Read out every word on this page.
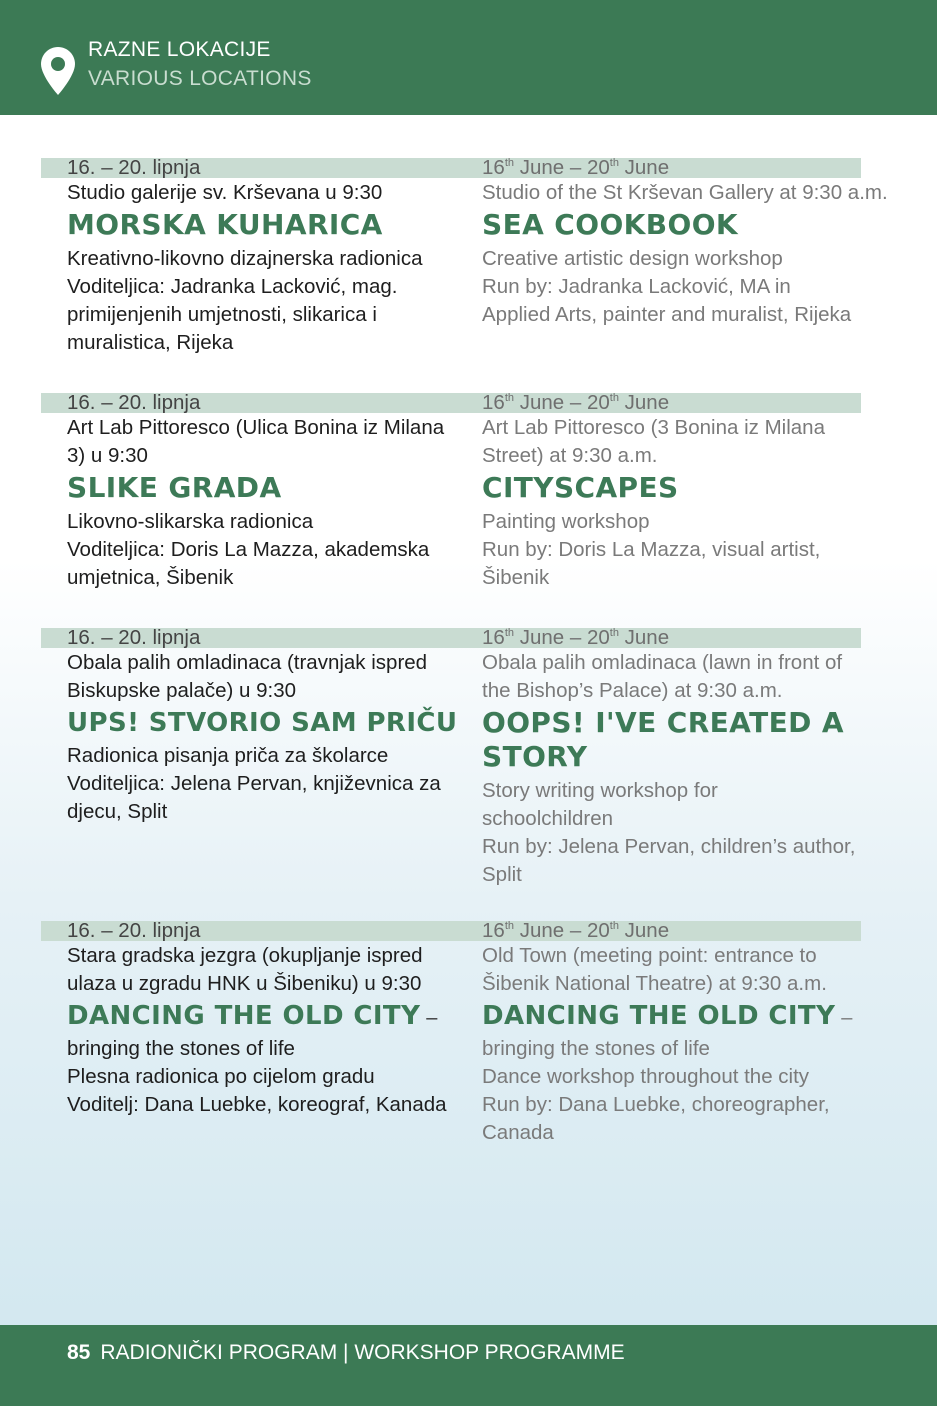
RAZNE LOKACIJE
VARIOUS LOCATIONS
16. – 20. lipnja
Studio galerije sv. Krševana u 9:30
MORSKA KUHARICA
Kreativno-likovno dizajnerska radionica
Voditeljica: Jadranka Lacković, mag.
primijenjenih umjetnosti, slikarica i
muralistica, Rijeka
16th June – 20th June
Studio of the St Krševan Gallery at 9:30 a.m.
SEA COOKBOOK
Creative artistic design workshop
Run by: Jadranka Lacković, MA in
Applied Arts, painter and muralist, Rijeka
16. – 20. lipnja
Art Lab Pittoresco (Ulica Bonina iz Milana
3) u 9:30
SLIKE GRADA
Likovno-slikarska radionica
Voditeljica: Doris La Mazza, akademska
umjetnica, Šibenik
16th June – 20th June
Art Lab Pittoresco (3 Bonina iz Milana
Street) at 9:30 a.m.
CITYSCAPES
Painting workshop
Run by: Doris La Mazza, visual artist,
Šibenik
16. – 20. lipnja
Obala palih omladinaca (travnjak ispred
Biskupske palače) u 9:30
UPS! STVORIO SAM PRIČU
Radionica pisanja priča za školarce
Voditeljica: Jelena Pervan, književnica za
djecu, Split
16th June – 20th June
Obala palih omladinaca (lawn in front of
the Bishop’s Palace) at 9:30 a.m.
OOPS! I'VE CREATED A
STORY
Story writing workshop for
schoolchildren
Run by: Jelena Pervan, children’s author,
Split
16. – 20. lipnja
Stara gradska jezgra (okupljanje ispred
ulaza u zgradu HNK u Šibeniku) u 9:30
DANCING THE OLD CITY –
bringing the stones of life
Plesna radionica po cijelom gradu
Voditelj: Dana Luebke, koreograf, Kanada
16th June – 20th June
Old Town (meeting point: entrance to
Šibenik National Theatre) at 9:30 a.m.
DANCING THE OLD CITY –
bringing the stones of life
Dance workshop throughout the city
Run by: Dana Luebke, choreographer,
Canada
85 RADIONIČKI PROGRAM | WORKSHOP PROGRAMME
